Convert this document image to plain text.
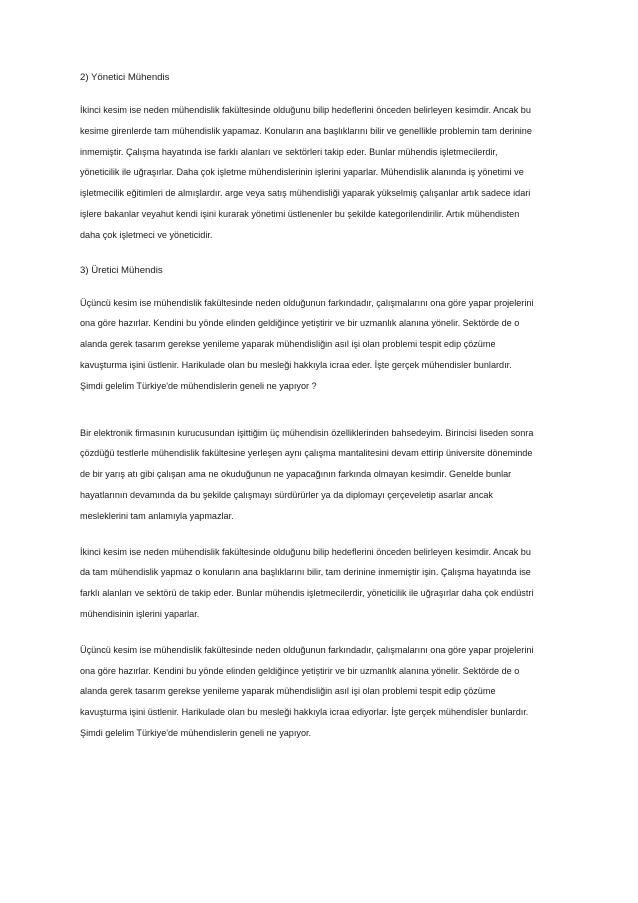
2) Yönetici Mühendis
İkinci kesim ise neden mühendislik fakültesinde olduğunu bilip hedeflerini önceden belirleyen kesimdir. Ancak bu
kesime girenlerde tam mühendislik yapamaz. Konuların ana başlıklarını bilir ve genellikle problemin tam derinine
inmemiştir. Çalışma hayatında ise farklı alanları ve sektörleri takip eder. Bunlar mühendis işletmecilerdir,
yöneticilik ile uğraşırlar. Daha çok işletme mühendislerinin işlerini yaparlar. Mühendislik alanında iş yönetimi ve
işletmecilik eğitimleri de almışlardır. arge veya satış mühendisliği yaparak yükselmiş çalışanlar artık sadece idari
işlere bakanlar veyahut kendi işini kurarak yönetimi üstlenenler bu şekilde kategorilendirilir. Artık mühendisten
daha çok işletmeci ve yöneticidir.
3) Üretici Mühendis
Üçüncü kesim ise mühendislik fakültesinde neden olduğunun farkındadır, çalışmalarını ona göre yapar projelerini
ona göre hazırlar. Kendini bu yönde elinden geldiğince yetiştirir ve bir uzmanlık alanına yönelir. Sektörde de o
alanda gerek tasarım gerekse yenileme yaparak mühendisliğin asıl işi olan problemi tespit edip çözüme
kavuşturma işini üstlenir. Harikulade olan bu mesleği hakkıyla icraa eder. İşte gerçek mühendisler bunlardır.
Şimdi gelelim Türkiye'de mühendislerin geneli ne yapıyor ?
Bir elektronik firmasının kurucusundan işittiğim üç mühendisin özelliklerinden bahsedeyim. Birincisi liseden sonra
çözdüğü testlerle mühendislik fakültesine yerleşen aynı çalışma mantalitesini devam ettirip üniversite döneminde
de bir yarış atı gibi çalışan ama ne okuduğunun ne yapacağının farkında olmayan kesimdir. Genelde bunlar
hayatlarının devamında da bu şekilde çalışmayı sürdürürler ya da diplomayı çerçeveletip asarlar ancak
mesleklerini tam anlamıyla yapmazlar.
İkinci kesim ise neden mühendislik fakültesinde olduğunu bilip hedeflerini önceden belirleyen kesimdir. Ancak bu
da tam mühendislik yapmaz o konuların ana başlıklarını bilir, tam derinine inmemiştir işin. Çalışma hayatında ise
farklı alanları ve sektörü de takip eder. Bunlar mühendis işletmecilerdir, yöneticilik ile uğraşırlar daha çok endüstri
mühendisinin işlerini yaparlar.
Üçüncü kesim ise mühendislik fakültesinde neden olduğunun farkındadır, çalışmalarını ona göre yapar projelerini
ona göre hazırlar. Kendini bu yönde elinden geldiğince yetiştirir ve bir uzmanlık alanına yönelir. Sektörde de o
alanda gerek tasarım gerekse yenileme yaparak mühendisliğin asıl işi olan problemi tespit edip çözüme
kavuşturma işini üstlenir. Harikulade olan bu mesleği hakkıyla icraa ediyorlar. İşte gerçek mühendisler bunlardır.
Şimdi gelelim Türkiye'de mühendislerin geneli ne yapıyor.
